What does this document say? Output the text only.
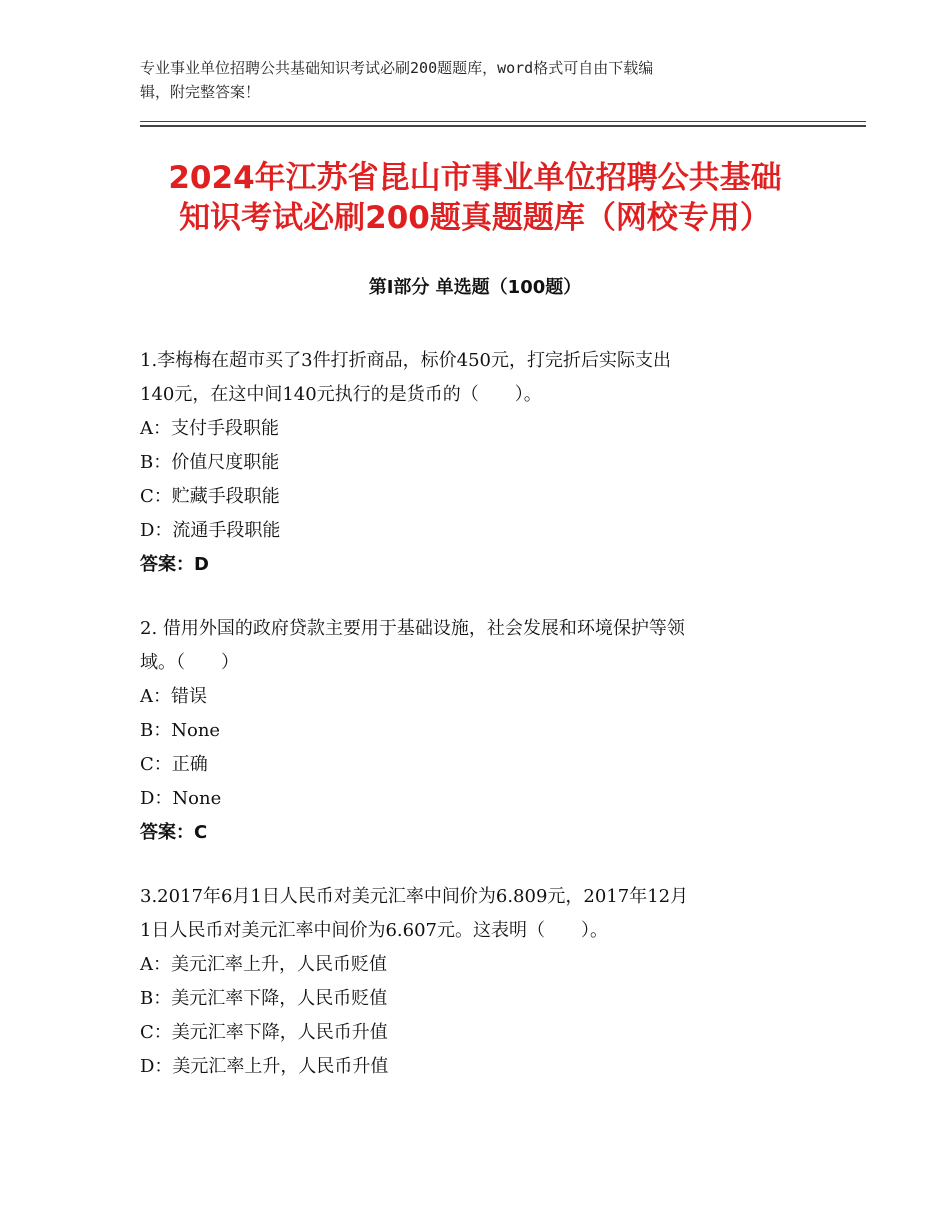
专业事业单位招聘公共基础知识考试必刷200题题库，word格式可自由下载编
辑，附完整答案！
2024年江苏省昆山市事业单位招聘公共基础
知识考试必刷200题真题题库（网校专用）
第Ⅰ部分 单选题（100题）
1.李梅梅在超市买了3件打折商品，标价450元，打完折后实际支出
140元，在这中间140元执行的是货币的（　　）。
A：支付手段职能
B：价值尺度职能
C：贮藏手段职能
D：流通手段职能
答案：D
2. 借用外国的政府贷款主要用于基础设施，社会发展和环境保护等领
域。（　　）
A：错误
B：None
C：正确
D：None
答案：C
3.2017年6月1日人民币对美元汇率中间价为6.809元，2017年12月
1日人民币对美元汇率中间价为6.607元。这表明（　　）。
A：美元汇率上升，人民币贬值
B：美元汇率下降，人民币贬值
C：美元汇率下降，人民币升值
D：美元汇率上升，人民币升值
